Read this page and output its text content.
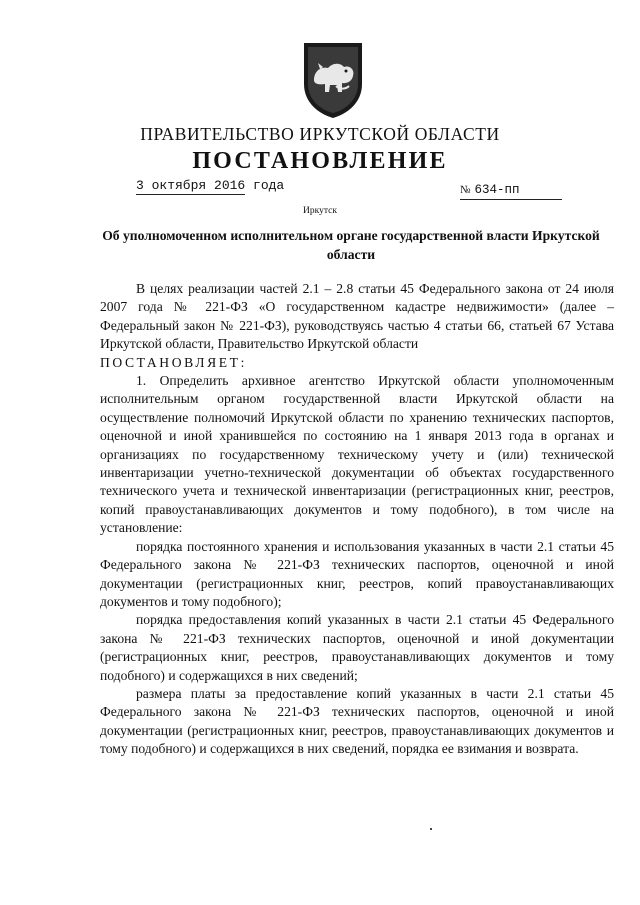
ПРАВИТЕЛЬСТВО ИРКУТСКОЙ ОБЛАСТИ
ПОСТАНОВЛЕНИЕ
3 октября 2016 года	№ 634-пп
Иркутск
Об уполномоченном исполнительном органе государственной власти Иркутской области

В целях реализации частей 2.1 – 2.8 статьи 45 Федерального закона от 24 июля 2007 года № 221-ФЗ «О государственном кадастре недвижимости» (далее – Федеральный закон № 221-ФЗ), руководствуясь частью 4 статьи 66, статьей 67 Устава Иркутской области, Правительство Иркутской области

ПОСТАНОВЛЯЕТ:

1. Определить архивное агентство Иркутской области уполномоченным исполнительным органом государственной власти Иркутской области на осуществление полномочий Иркутской области по хранению технических паспортов, оценочной и иной хранившейся по состоянию на 1 января 2013 года в органах и организациях по государственному техническому учету и (или) технической инвентаризации учетно-технической документации об объектах государственного технического учета и технической инвентаризации (регистрационных книг, реестров, копий правоустанавливающих документов и тому подобного), в том числе на установление:

порядка постоянного хранения и использования указанных в части 2.1 статьи 45 Федерального закона № 221-ФЗ технических паспортов, оценочной и иной документации (регистрационных книг, реестров, копий правоустанавливающих документов и тому подобного);

порядка предоставления копий указанных в части 2.1 статьи 45 Федерального закона № 221-ФЗ технических паспортов, оценочной и иной документации (регистрационных книг, реестров, правоустанавливающих документов и тому подобного) и содержащихся в них сведений;

размера платы за предоставление копий указанных в части 2.1 статьи 45 Федерального закона № 221-ФЗ технических паспортов, оценочной и иной документации (регистрационных книг, реестров, правоустанавливающих документов и тому подобного) и содержащихся в них сведений, порядка ее взимания и возврата.
